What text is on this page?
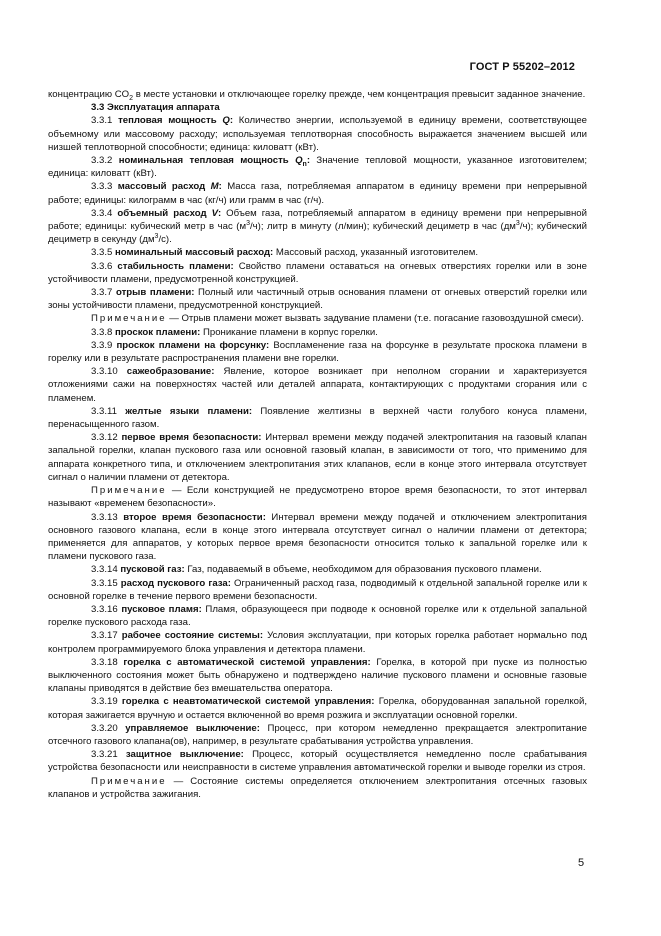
ГОСТ Р 55202–2012

концентрацию $CO_2$ в месте установки и отключающее горелку прежде, чем концентрация превысит заданное значение.

3.3 Эксплуатация аппарата

3.3.1 тепловая мощность Q: Количество энергии, используемой в единицу времени, соответствующее объемному или массовому расходу; используемая теплотворная способность выражается значением высшей или низшей теплотворной способности; единица: киловатт (кВт).

3.3.2 номинальная тепловая мощность $Q_n$: Значение тепловой мощности, указанное изготовителем; единица: киловатт (кВт).

3.3.3 массовый расход M: Масса газа, потребляемая аппаратом в единицу времени при непрерывной работе; единицы: килограмм в час (кг/ч) или грамм в час (г/ч).

3.3.4 объемный расход V: Объем газа, потребляемый аппаратом в единицу времени при непрерывной работе; единицы: кубический метр в час $(м^3/ч)$; литр в минуту (л/мин); кубический дециметр в час $(дм^3/ч)$; кубический дециметр в секунду $(дм^3/с)$.

3.3.5 номинальный массовый расход: Массовый расход, указанный изготовителем.

3.3.6 стабильность пламени: Свойство пламени оставаться на огневых отверстиях горелки или в зоне устойчивости пламени, предусмотренной конструкцией.

3.3.7 отрыв пламени: Полный или частичный отрыв основания пламени от огневых отверстий горелки или зоны устойчивости пламени, предусмотренной конструкцией.

Примечание — Отрыв пламени может вызвать задувание пламени (т.е. погасание газовоздушной смеси).

3.3.8 проскок пламени: Проникание пламени в корпус горелки.

3.3.9 проскок пламени на форсунку: Воспламенение газа на форсунке в результате проскока пламени в горелку или в результате распространения пламени вне горелки.

3.3.10 сажеобразование: Явление, которое возникает при неполном сгорании и характеризуется отложениями сажи на поверхностях частей или деталей аппарата, контактирующих с продуктами сгорания или с пламенем.

3.3.11 желтые языки пламени: Появление желтизны в верхней части голубого конуса пламени, перенасыщенного газом.

3.3.12 первое время безопасности: Интервал времени между подачей электропитания на газовый клапан запальной горелки, клапан пускового газа или основной газовый клапан, в зависимости от того, что применимо для аппарата конкретного типа, и отключением электропитания этих клапанов, если в конце этого интервала отсутствует сигнал о наличии пламени от детектора.

Примечание — Если конструкцией не предусмотрено второе время безопасности, то этот интервал называют «временем безопасности».

3.3.13 второе время безопасности: Интервал времени между подачей и отключением электропитания основного газового клапана, если в конце этого интервала отсутствует сигнал о наличии пламени от детектора; применяется для аппаратов, у которых первое время безопасности относится только к запальной горелке или к пламени пускового газа.

3.3.14 пусковой газ: Газ, подаваемый в объеме, необходимом для образования пускового пламени.

3.3.15 расход пускового газа: Ограниченный расход газа, подводимый к отдельной запальной горелке или к основной горелке в течение первого времени безопасности.

3.3.16 пусковое пламя: Пламя, образующееся при подводе к основной горелке или к отдельной запальной горелке пускового расхода газа.

3.3.17 рабочее состояние системы: Условия эксплуатации, при которых горелка работает нормально под контролем программируемого блока управления и детектора пламени.

3.3.18 горелка с автоматической системой управления: Горелка, в которой при пуске из полностью выключенного состояния может быть обнаружено и подтверждено наличие пускового пламени и основные газовые клапаны приводятся в действие без вмешательства оператора.

3.3.19 горелка с неавтоматической системой управления: Горелка, оборудованная запальной горелкой, которая зажигается вручную и остается включенной во время розжига и эксплуатации основной горелки.

3.3.20 управляемое выключение: Процесс, при котором немедленно прекращается электропитание отсечного газового клапана(ов), например, в результате срабатывания устройства управления.

3.3.21 защитное выключение: Процесс, который осуществляется немедленно после срабатывания устройства безопасности или неисправности в системе управления автоматической горелки и выводе горелки из строя.

Примечание — Состояние системы определяется отключением электропитания отсечных газовых клапанов и устройства зажигания.

5
